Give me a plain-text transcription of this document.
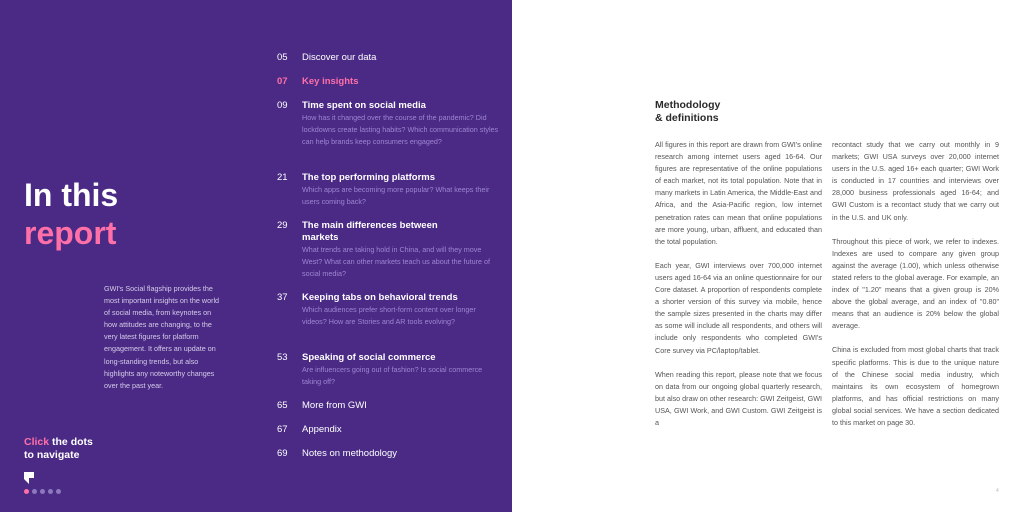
In this
report

GWI's Social flagship provides the most important insights on the world of social media, from keynotes on how attitudes are changing, to the very latest figures for platform engagement. It offers an update on long-standing trends, but also highlights any noteworthy changes over the past year.

Click the dots
to navigate
05 Discover our data
07 Key insights
09 Time spent on social media
How has it changed over the course of the pandemic? Did lockdowns create lasting habits? Which communication styles can help brands keep consumers engaged?
21 The top performing platforms
Which apps are becoming more popular? What keeps their users coming back?
29 The main differences between markets
What trends are taking hold in China, and will they move West? What can other markets teach us about the future of social media?
37 Keeping tabs on behavioral trends
Which audiences prefer short-form content over longer videos? How are Stories and AR tools evolving?
53 Speaking of social commerce
Are influencers going out of fashion? Is social commerce taking off?
65 More from GWI
67 Appendix
69 Notes on methodology
Methodology
& definitions

All figures in this report are drawn from GWI's online research among internet users aged 16-64. Our figures are representative of the online populations of each market, not its total population. Note that in many markets in Latin America, the Middle-East and Africa, and the Asia-Pacific region, low internet penetration rates can mean that online populations are more young, urban, affluent, and educated than the total population.

Each year, GWI interviews over 700,000 internet users aged 16-64 via an online questionnaire for our Core dataset. A proportion of respondents complete a shorter version of this survey via mobile, hence the sample sizes presented in the charts may differ as some will include all respondents, and others will include only respondents who completed GWI's Core survey via PC/laptop/tablet.

When reading this report, please note that we focus on data from our ongoing global quarterly research, but also draw on other research: GWI Zeitgeist, GWI USA, GWI Work, and GWI Custom. GWI Zeitgeist is a

recontact study that we carry out monthly in 9 markets; GWI USA surveys over 20,000 internet users in the U.S. aged 16+ each quarter; GWI Work is conducted in 17 countries and interviews over 28,000 business professionals aged 16-64; and GWI Custom is a recontact study that we carry out in the U.S. and UK only.

Throughout this piece of work, we refer to indexes. Indexes are used to compare any given group against the average (1.00), which unless otherwise stated refers to the global average. For example, an index of "1.20" means that a given group is 20% above the global average, and an index of "0.80" means that an audience is 20% below the global average.

China is excluded from most global charts that track specific platforms. This is due to the unique nature of the Chinese social media industry, which maintains its own ecosystem of homegrown platforms, and has official restrictions on many global social services. We have a section dedicated to this market on page 30.

4
